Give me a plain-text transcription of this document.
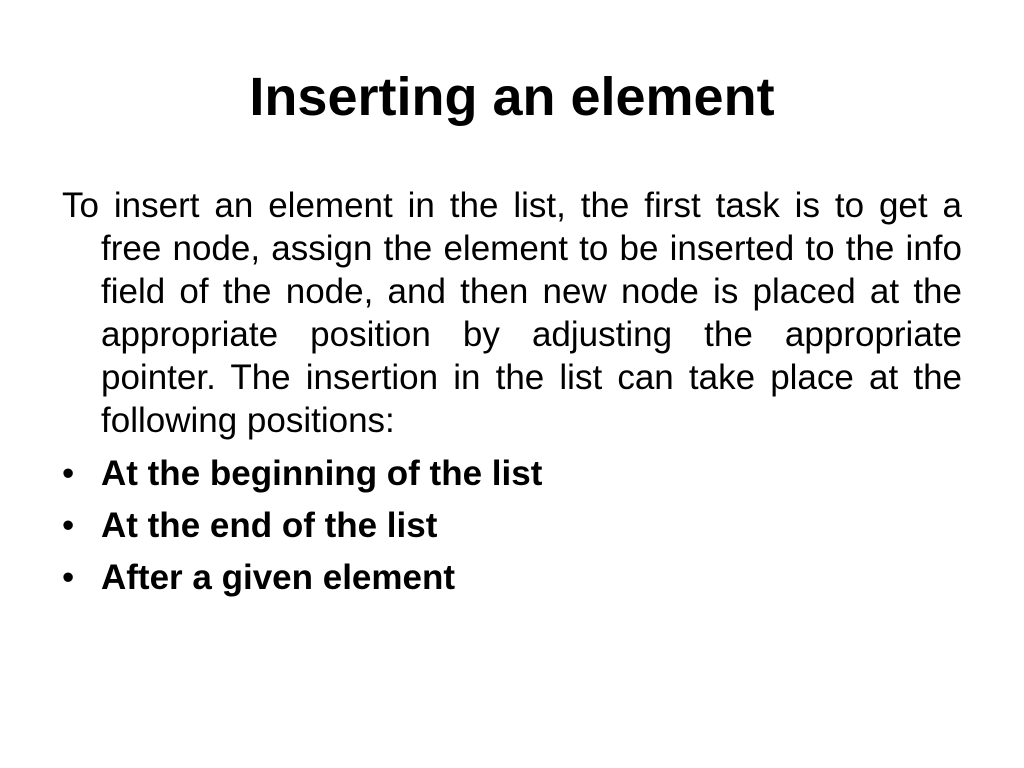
Inserting an element

To insert an element in the list, the first task is to get a free node, assign the element to be inserted to the info field of the node, and then new node is placed at the appropriate position by adjusting the appropriate pointer. The insertion in the list can take place at the following positions:

• At the beginning of the list
• At the end of the list
• After a given element
